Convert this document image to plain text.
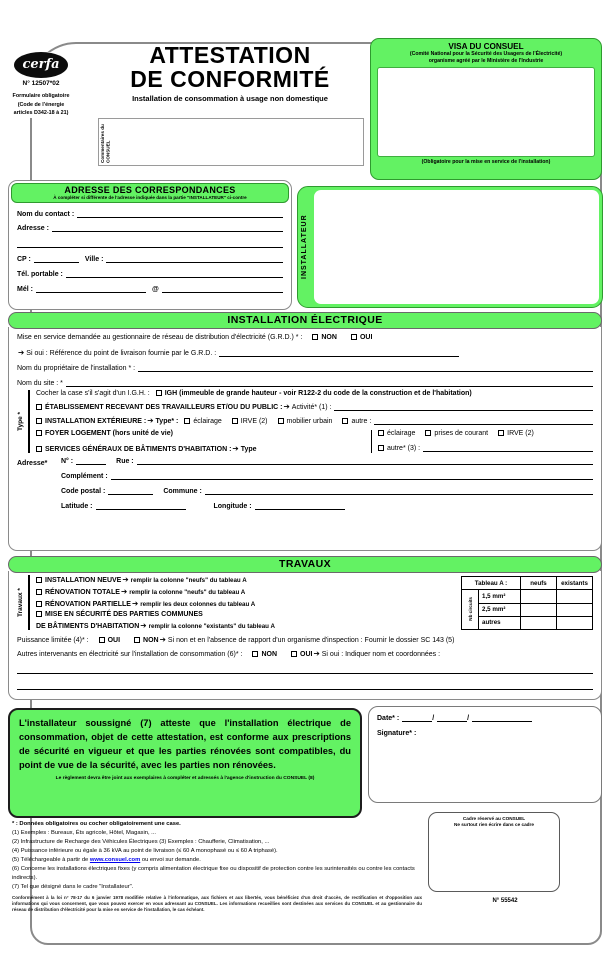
cerfa
N° 12507*02
Formulaire obligatoire (Code de l'énergie articles D342-18 à 21)
ATTESTATION
DE CONFORMITÉ
Installation de consommation à usage non domestique
Commentaires du CONSUEL
VISA DU CONSUEL
(Comité National pour la Sécurité des Usagers de l'Électricité)
organisme agréé par le Ministère de l'Industrie
(Obligatoire pour la mise en service de l'installation)
ADRESSE DES CORRESPONDANCES
À compléter si différente de l'adresse indiquée dans la partie "INSTALLATEUR" ci-contre
Nom du contact :
Adresse :
CP :	Ville :
Tél. portable :
Mél :	@
INSTALLATEUR
INSTALLATION ÉLECTRIQUE
Mise en service demandée au gestionnaire de réseau de distribution d'électricité (G.R.D.) * :	NON	OUI
➔ Si oui : Référence du point de livraison fournie par le G.R.D. :
Nom du propriétaire de l'installation * :
Nom du site : *
Type *
Cocher la case s'il s'agit d'un I.G.H. : IGH (immeuble de grande hauteur - voir R122-2 du code de la construction et de l'habitation)
ÉTABLISSEMENT RECEVANT DES TRAVAILLEURS ET/OU DU PUBLIC : ➔ Activité* (1) :
INSTALLATION EXTÉRIEURE : ➔ Type* : éclairage	IRVE (2)	mobilier urbain	autre :
FOYER LOGEMENT (hors unité de vie)
SERVICES GÉNÉRAUX DE BÂTIMENTS D'HABITATION : ➔ Type
éclairage	prises de courant	IRVE (2)
autre* (3) :
Adresse*	N° :	Rue :
Complément :
Code postal :	Commune :
Latitude :	Longitude :
TRAVAUX
Travaux *
INSTALLATION NEUVE ➔ remplir la colonne "neufs" du tableau A
RÉNOVATION TOTALE ➔ remplir la colonne "neufs" du tableau A
RÉNOVATION PARTIELLE ➔ remplir les deux colonnes du tableau A
MISE EN SÉCURITÉ DES PARTIES COMMUNES
DE BÂTIMENTS D'HABITATION ➔ remplir la colonne "existants" du tableau A
Tableau A :		neufs	existants
Nb circuits	1,5 mm²		
	2,5 mm²		
	autres		
Puissance limitée (4)* :	OUI	NON ➔ Si non et en l'absence de rapport d'un organisme d'inspection : Fournir le dossier SC 143 (5)
Autres intervenants en électricité sur l'installation de consommation (6)* :	NON	OUI ➔ Si oui : Indiquer nom et coordonnées :
L'installateur soussigné (7) atteste que l'installation électrique de consommation, objet de cette attestation, est conforme aux prescriptions de sécurité en vigueur et que les parties rénovées sont compatibles, du point de vue de la sécurité, avec les parties non rénovées.
Le règlement devra être joint aux exemplaires à compléter et adressés à l'agence d'instruction du CONSUEL (8)
Date* :	/	/
Signature* :
Cadre réservé au CONSUEL
Ne surtout rien écrire dans ce cadre
* : Données obligatoires ou cocher obligatoirement une case.
(1) Exemples : Bureaux, Éts agricole, Hôtel, Magasin, ...
(2) Infrastructure de Recharge des Véhicules Électriques (3) Exemples : Chaufferie, Climatisation, ...
(4) Puissance inférieure ou égale à 36 kVA au point de livraison (≤ 60 A monophasé ou ≤ 60 A triphasé).
(5) Téléchargeable à partir de www.consuel.com ou envoi sur demande.
(6) Concerne les installations électriques fixes (y compris alimentation électrique fixe ou dispositif de protection contre les surintensités ou contre les contacts indirects).
(7) Tel que désigné dans le cadre "Installateur".
Conformément à la loi n° 78-17 du 6 janvier 1978 modifiée relative à l'informatique, aux fichiers et aux libertés, vous bénéficiez d'un droit d'accès, de rectification et d'opposition aux informations qui vous concernent, que vous pouvez exercer en vous adressant au CONSUEL. Les informations recueillies sont destinées aux services du CONSUEL et au gestionnaire du réseau de distribution d'électricité pour la mise en service de l'installation, le cas échéant.
N° 55542
